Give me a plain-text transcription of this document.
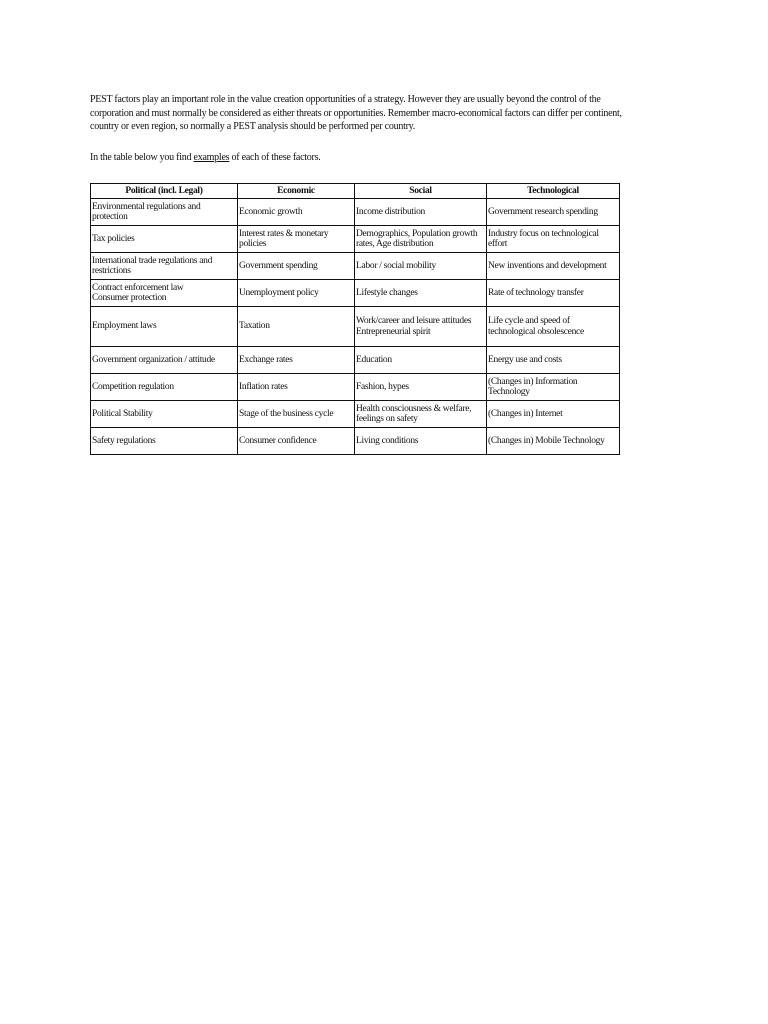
PEST factors play an important role in the value creation opportunities of a strategy. However they are usually beyond the control of the
corporation and must normally be considered as either threats or opportunities. Remember macro-economical factors can differ per continent,
country or even region, so normally a PEST analysis should be performed per country.

In the table below you find examples of each of these factors.

Political (incl. Legal)	Economic	Social	Technological

Environmental regulations and protection	Economic growth	Income distribution	Government research spending

Tax policies	Interest rates & monetary policies	Demographics, Population growth rates, Age distribution	Industry focus on technological effort

International trade regulations and restrictions	Government spending	Labor / social mobility	New inventions and development

Contract enforcement law
Consumer protection	Unemployment policy	Lifestyle changes	Rate of technology transfer

Employment laws	Taxation	Work/career and leisure attitudes
Entrepreneurial spirit	Life cycle and speed of technological obsolescence

Government organization / attitude	Exchange rates	Education	Energy use and costs

Competition regulation	Inflation rates	Fashion, hypes	(Changes in) Information Technology

Political Stability	Stage of the business cycle	Health consciousness & welfare, feelings on safety	(Changes in) Internet

Safety regulations	Consumer confidence	Living conditions	(Changes in) Mobile Technology
